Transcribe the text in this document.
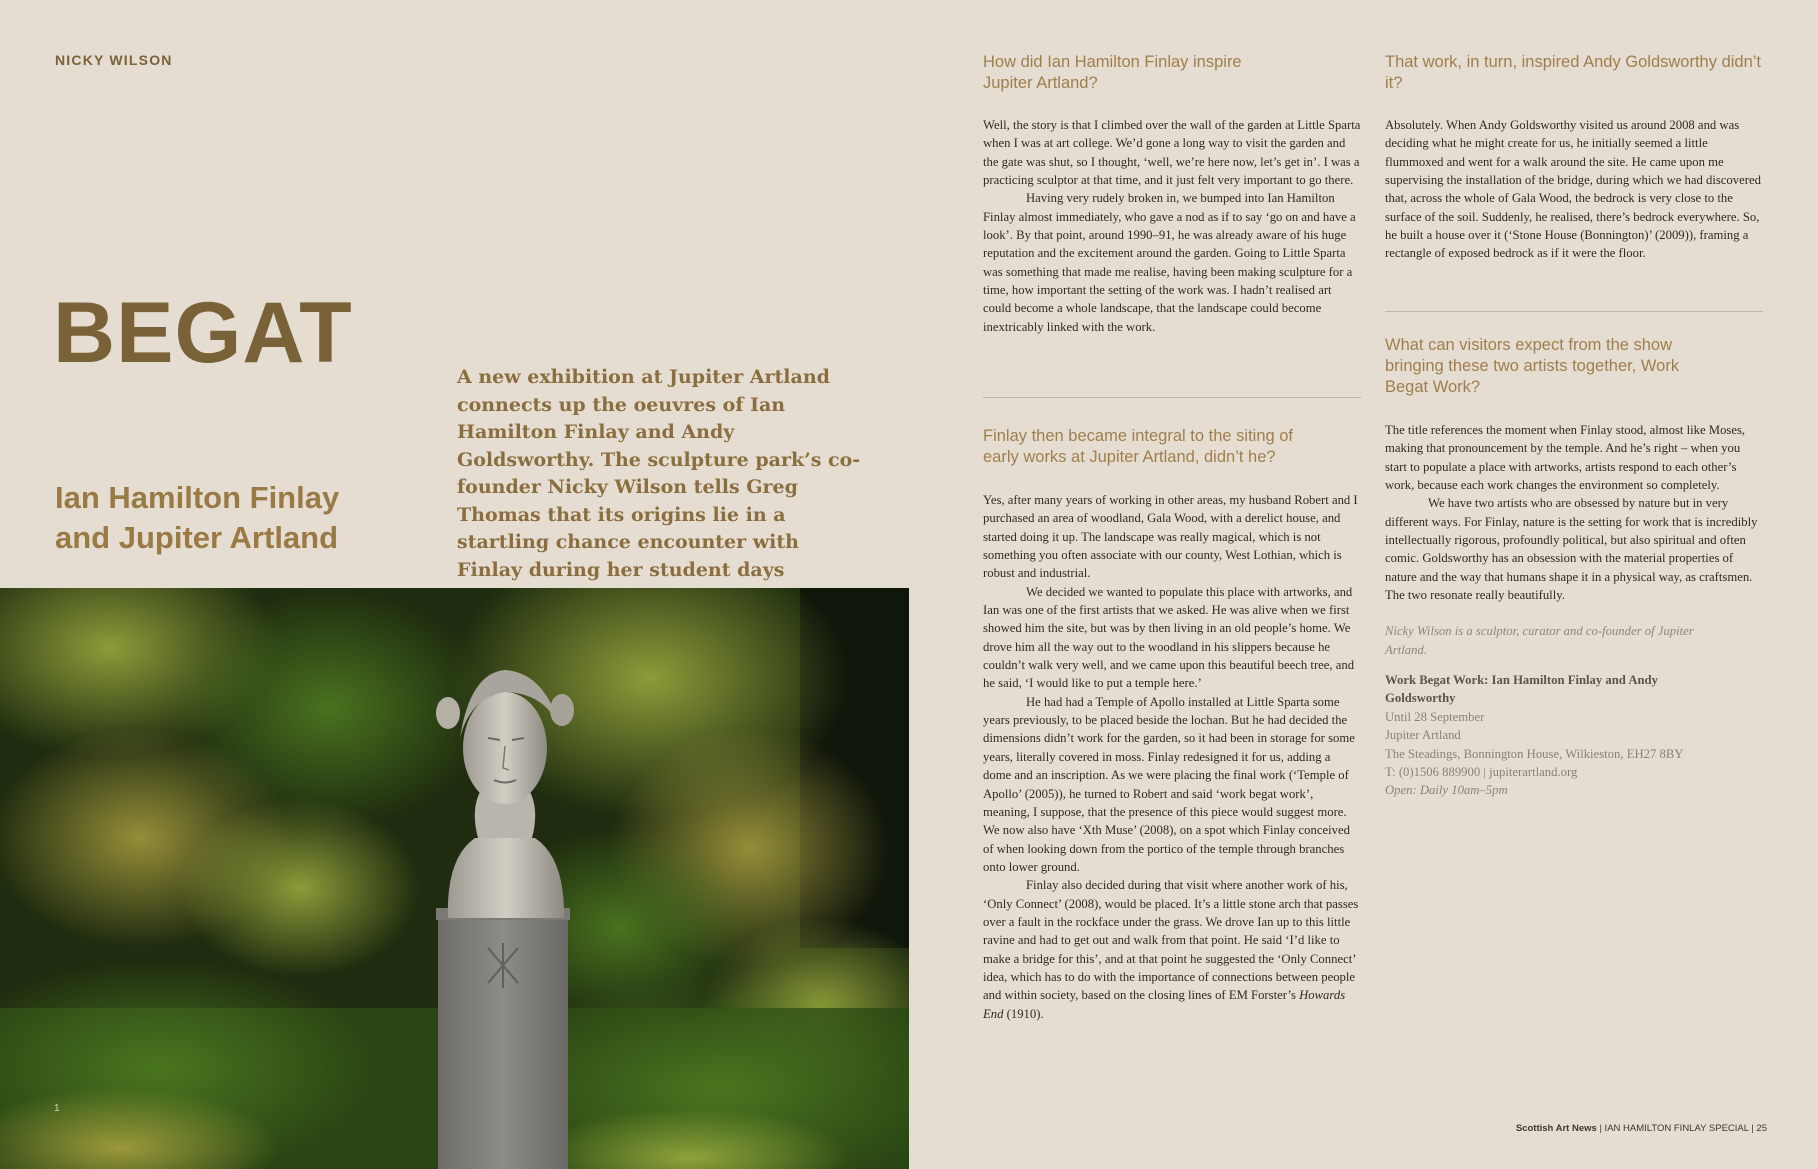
NICKY WILSON
BEGAT
Ian Hamilton Finlay and Jupiter Artland
A new exhibition at Jupiter Artland connects up the oeuvres of Ian Hamilton Finlay and Andy Goldsworthy. The sculpture park’s co-founder Nicky Wilson tells Greg Thomas that its origins lie in a startling chance encounter with Finlay during her student days
1

How did Ian Hamilton Finlay inspire Jupiter Artland?

Well, the story is that I climbed over the wall of the garden at Little Sparta when I was at art college. We’d gone a long way to visit the garden and the gate was shut, so I thought, ‘well, we’re here now, let’s get in’. I was a practicing sculptor at that time, and it just felt very important to go there.

Having very rudely broken in, we bumped into Ian Hamilton Finlay almost immediately, who gave a nod as if to say ‘go on and have a look’. By that point, around 1990–91, he was already aware of his huge reputation and the excitement around the garden. Going to Little Sparta was something that made me realise, having been making sculpture for a time, how important the setting of the work was. I hadn’t realised art could become a whole landscape, that the landscape could become inextricably linked with the work.

Finlay then became integral to the siting of early works at Jupiter Artland, didn’t he?

Yes, after many years of working in other areas, my husband Robert and I purchased an area of woodland, Gala Wood, with a derelict house, and started doing it up. The landscape was really magical, which is not something you often associate with our county, West Lothian, which is robust and industrial.

We decided we wanted to populate this place with artworks, and Ian was one of the first artists that we asked. He was alive when we first showed him the site, but was by then living in an old people’s home. We drove him all the way out to the woodland in his slippers because he couldn’t walk very well, and we came upon this beautiful beech tree, and he said, ‘I would like to put a temple here.’

He had had a Temple of Apollo installed at Little Sparta some years previously, to be placed beside the lochan. But he had decided the dimensions didn’t work for the garden, so it had been in storage for some years, literally covered in moss. Finlay redesigned it for us, adding a dome and an inscription. As we were placing the final work (‘Temple of Apollo’ (2005)), he turned to Robert and said ‘work begat work’, meaning, I suppose, that the presence of this piece would suggest more. We now also have ‘Xth Muse’ (2008), on a spot which Finlay conceived of when looking down from the portico of the temple through branches onto lower ground.

Finlay also decided during that visit where another work of his, ‘Only Connect’ (2008), would be placed. It’s a little stone arch that passes over a fault in the rockface under the grass. We drove Ian up to this little ravine and had to get out and walk from that point. He said ‘I’d like to make a bridge for this’, and at that point he suggested the ‘Only Connect’ idea, which has to do with the importance of connections between people and within society, based on the closing lines of EM Forster’s Howards End (1910).

That work, in turn, inspired Andy Goldsworthy didn’t it?

Absolutely. When Andy Goldsworthy visited us around 2008 and was deciding what he might create for us, he initially seemed a little flummoxed and went for a walk around the site. He came upon me supervising the installation of the bridge, during which we had discovered that, across the whole of Gala Wood, the bedrock is very close to the surface of the soil. Suddenly, he realised, there’s bedrock everywhere. So, he built a house over it (‘Stone House (Bonnington)’ (2009)), framing a rectangle of exposed bedrock as if it were the floor.

What can visitors expect from the show bringing these two artists together, Work Begat Work?

The title references the moment when Finlay stood, almost like Moses, making that pronouncement by the temple. And he’s right – when you start to populate a place with artworks, artists respond to each other’s work, because each work changes the environment so completely.

We have two artists who are obsessed by nature but in very different ways. For Finlay, nature is the setting for work that is incredibly intellectually rigorous, profoundly political, but also spiritual and often comic. Goldsworthy has an obsession with the material properties of nature and the way that humans shape it in a physical way, as craftsmen. The two resonate really beautifully.

Nicky Wilson is a sculptor, curator and co-founder of Jupiter Artland.

Work Begat Work: Ian Hamilton Finlay and Andy Goldsworthy
Until 28 September
Jupiter Artland
The Steadings, Bonnington House, Wilkieston, EH27 8BY
T: (0)1506 889900 | jupiterartland.org
Open: Daily 10am–5pm
Scottish Art News | IAN HAMILTON FINLAY SPECIAL | 25
